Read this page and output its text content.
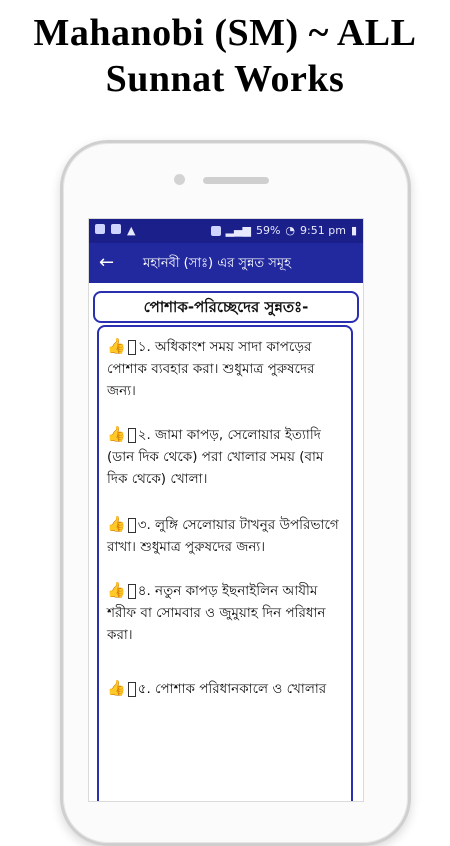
Mahanobi (SM) ~ ALL
Sunnat Works
▲	▂▄▆ 59% ◔ 9:51 pm ▮
← মহানবী (সাঃ) এর সুন্নত সমূহ
পোশাক-পরিচ্ছেদের সুন্নতঃ-
👍 ১. অধিকাংশ সময় সাদা কাপড়ের পোশাক ব্যবহার করা। শুধুমাত্র পুরুষদের জন্য।
👍 ২. জামা কাপড়, সেলোয়ার ইত্যাদি (ডান দিক থেকে) পরা খোলার সময় (বাম দিক থেকে) খোলা।
👍 ৩. লুঙ্গি সেলোয়ার টাখনুর উপরিভাগে রাখা। শুধুমাত্র পুরুষদের জন্য।
👍 ৪. নতুন কাপড় ইছনাইলিন আযীম শরীফ বা সোমবার ও জুমুয়াহ দিন পরিধান করা।
👍 ৫. পোশাক পরিধানকালে ও খোলার
